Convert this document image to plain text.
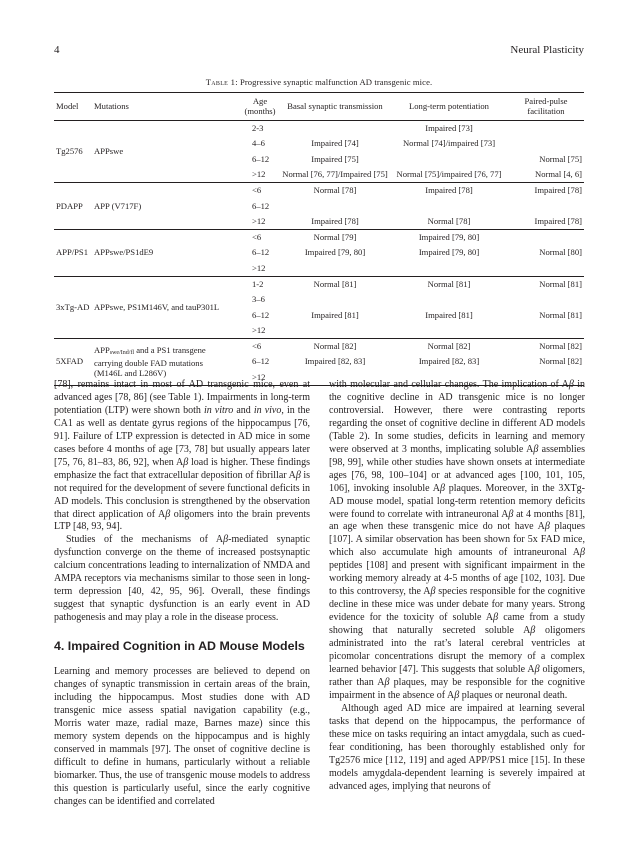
4	Neural Plasticity
Table 1: Progressive synaptic malfunction AD transgenic mice.
Model	Mutations	Age
(months)	Basal synaptic transmission	Long-term potentiation	Paired-pulse
facilitation
Tg2576	APPswe	2-3		Impaired [73]	
		4–6	Impaired [74]	Normal [74]/impaired [73]	
		6–12	Impaired [75]		Normal [75]
		>12	Normal [76, 77]/Impaired [75]	Normal [75]/impaired [76, 77]	Normal [4, 6]
PDAPP	APP (V717F)	<6	Normal [78]	Impaired [78]	Impaired [78]
		6–12			
		>12	Impaired [78]	Normal [78]	Impaired [78]
APP/PS1	APPswe/PS1dE9	<6	Normal [79]	Impaired [79, 80]	
		6–12	Impaired [79, 80]	Impaired [79, 80]	Normal [80]
		>12			
3xTg-AD	APPswe, PS1M146V, and tauP301L	1-2	Normal [81]	Normal [81]	Normal [81]
		3–6			
		6–12	Impaired [81]	Impaired [81]	Normal [81]
		>12			
5XFAD	$APP_{swe/Ind/fl}$ and a PS1 transgene
carrying double FAD mutations
(M146L and L286V)	<6	Normal [82]	Normal [82]	Normal [82]
		6–12	Impaired [82, 83]	Impaired [82, 83]	Normal [82]
		>12			

[78], remains intact in most of AD transgenic mice, even at advanced ages [78, 86] (see Table 1). Impairments in long-term potentiation (LTP) were shown both in vitro and in vivo, in the CA1 as well as dentate gyrus regions of the hippocampus [76, 91]. Failure of LTP expression is detected in AD mice in some cases before 4 months of age [73, 78] but usually appears later [75, 76, 81–83, 86, 92], when Aβ load is higher. These findings emphasize the fact that extracellular deposition of fibrillar Aβ is not required for the development of severe functional deficits in AD models. This conclusion is strengthened by the observation that direct application of Aβ oligomers into the brain prevents LTP [48, 93, 94].

Studies of the mechanisms of Aβ-mediated synaptic dysfunction converge on the theme of increased postsynaptic calcium concentrations leading to internalization of NMDA and AMPA receptors via mechanisms similar to those seen in long-term depression [40, 42, 95, 96]. Overall, these findings suggest that synaptic dysfunction is an early event in AD pathogenesis and may play a role in the disease process.

4. Impaired Cognition in AD Mouse Models

Learning and memory processes are believed to depend on changes of synaptic transmission in certain areas of the brain, including the hippocampus. Most studies done with AD transgenic mice assess spatial navigation capability (e.g., Morris water maze, radial maze, Barnes maze) since this memory system depends on the hippocampus and is highly conserved in mammals [97]. The onset of cognitive decline is difficult to define in humans, particularly without a reliable biomarker. Thus, the use of transgenic mouse models to address this question is particularly useful, since the early cognitive changes can be identified and correlated

with molecular and cellular changes. The implication of Aβ in the cognitive decline in AD transgenic mice is no longer controversial. However, there were contrasting reports regarding the onset of cognitive decline in different AD models (Table 2). In some studies, deficits in learning and memory were observed at 3 months, implicating soluble Aβ assemblies [98, 99], while other studies have shown onsets at intermediate ages [76, 98, 100–104] or at advanced ages [100, 101, 105, 106], invoking insoluble Aβ plaques. Moreover, in the 3XTg-AD mouse model, spatial long-term retention memory deficits were found to correlate with intraneuronal Aβ at 4 months [81], an age when these transgenic mice do not have Aβ plaques [107]. A similar observation has been shown for 5x FAD mice, which also accumulate high amounts of intraneuronal Aβ peptides [108] and present with significant impairment in the working memory already at 4-5 months of age [102, 103]. Due to this controversy, the Aβ species responsible for the cognitive decline in these mice was under debate for many years. Strong evidence for the toxicity of soluble Aβ came from a study showing that naturally secreted soluble Aβ oligomers administrated into the rat’s lateral cerebral ventricles at picomolar concentrations disrupt the memory of a complex learned behavior [47]. This suggests that soluble Aβ oligomers, rather than Aβ plaques, may be responsible for the cognitive impairment in the absence of Aβ plaques or neuronal death.

Although aged AD mice are impaired at learning several tasks that depend on the hippocampus, the performance of these mice on tasks requiring an intact amygdala, such as cued-fear conditioning, has been thoroughly established only for Tg2576 mice [112, 119] and aged APP/PS1 mice [15]. In these models amygdala-dependent learning is severely impaired at advanced ages, implying that neurons of
